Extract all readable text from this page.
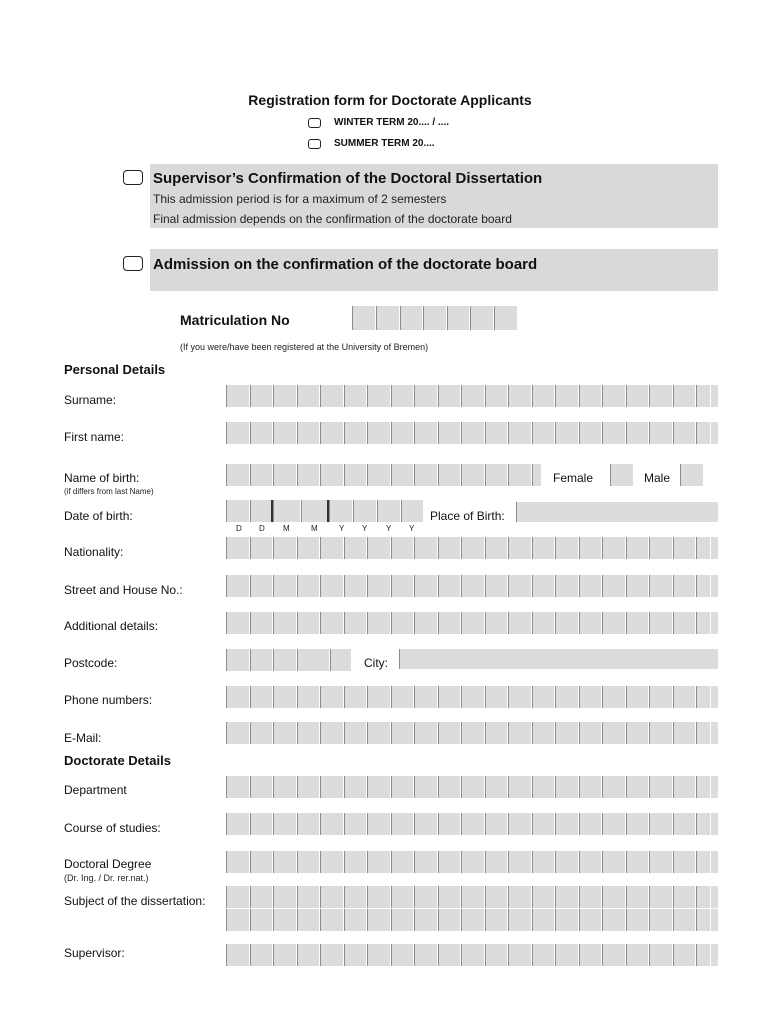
Registration form for Doctorate Applicants
WINTER TERM 20.... / ....
SUMMER TERM 20....
Supervisor’s Confirmation of the Doctoral Dissertation
This admission period is for a maximum of 2 semesters
Final admission depends on the confirmation of the doctorate board
Admission on the confirmation of the doctorate board
Matriculation No
(If you were/have been registered at the University of Bremen)
Personal Details
Surname:
First name:
Name of birth:
(if differs from last Name)
Female	Male
Date of birth:
D D M	M	Y Y Y Y
Place of Birth:
Nationality:
Street and House No.:
Additional details:
Postcode:	City:
Phone numbers:
E-Mail:
Doctorate Details
Department
Course of studies:
Doctoral Degree
(Dr. Ing. / Dr. rer.nat.)
Subject of the dissertation:
Supervisor:
